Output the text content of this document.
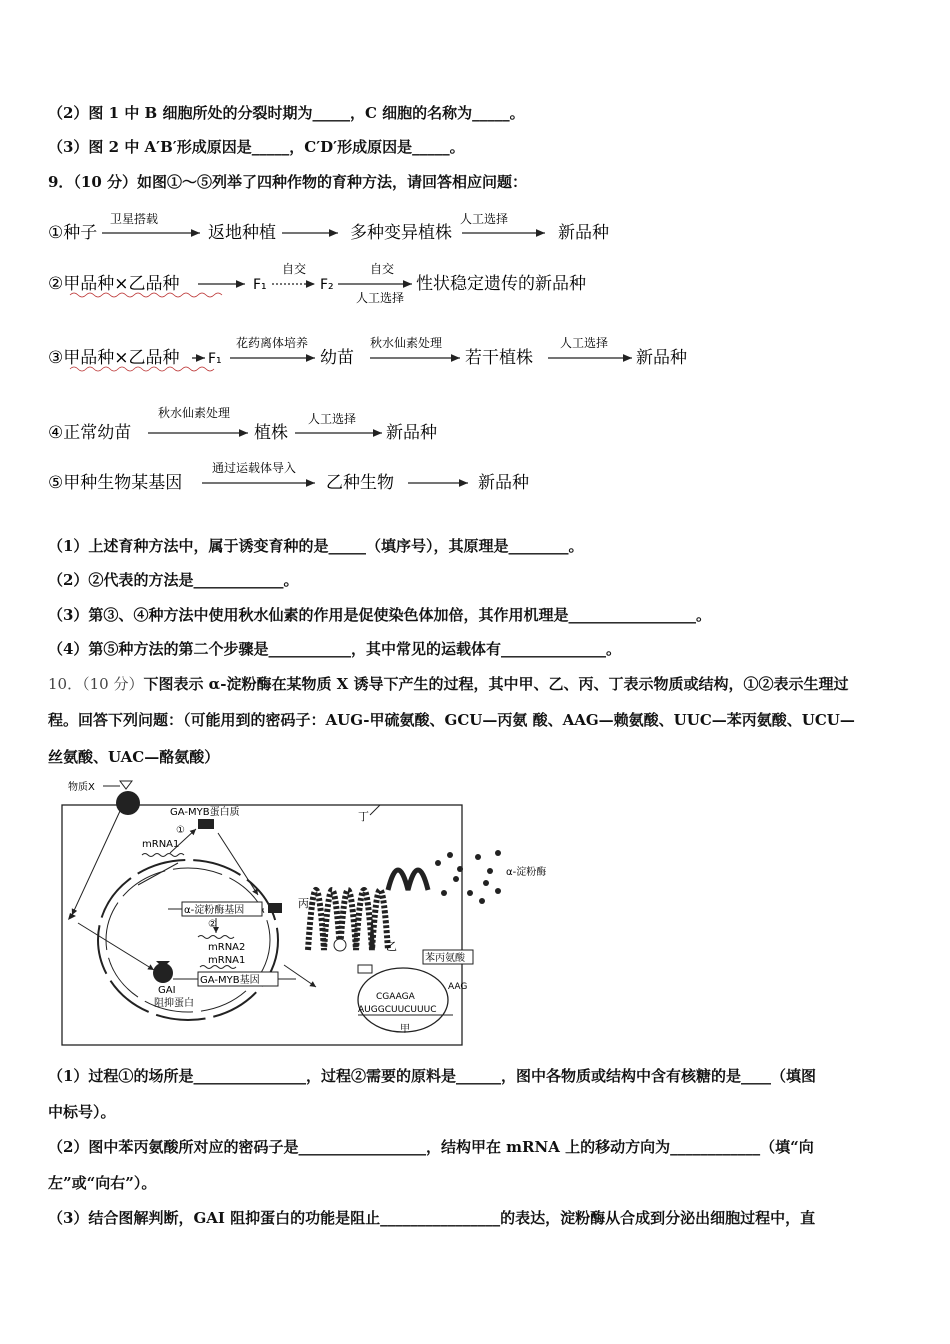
（2）图 1 中 B 细胞所处的分裂时期为_____，C 细胞的名称为_____。
（3）图 2 中 A′B′形成原因是_____，C′D′形成原因是_____。
9．（10 分）如图①～⑤列举了四种作物的育种方法，请回答相应问题：
①种子
卫星搭载
返地种植	多种变异植株
人工选择
新品种
②甲品种×乙品种	F₁
自交
F₂
自交
人工选择
性状稳定遗传的新品种
③甲品种×乙品种 F₁
花药离体培养
幼苗
秋水仙素处理
若干植株
人工选择
新品种
④正常幼苗
秋水仙素处理
植株
人工选择
新品种
⑤甲种生物某基因
通过运载体导入
乙种生物	新品种
（1）上述育种方法中，属于诱变育种的是_____（填序号），其原理是________。
（2）②代表的方法是____________。
（3）第③、④种方法中使用秋水仙素的作用是促使染色体加倍，其作用机理是_________________。
（4）第⑤种方法的第二个步骤是___________，其中常见的运载体有______________。
10．（10 分）下图表示 α-淀粉酶在某物质 X 诱导下产生的过程，其中甲、乙、丙、丁表示物质或结构，①②表示生理过
程。回答下列问题：（可能用到的密码子：AUG-甲硫氨酸、GCU—丙氨 酸、AAG—赖氨酸、UUC—苯丙氨酸、UCU—
丝氨酸、UAC—酪氨酸）
物质X
GA-MYB蛋白质
①
mRNA1
丁
α-淀粉酶基因
②
mRNA2
mRNA1
GA-MYB基因
GAI
阻抑蛋白
丙
乙
α-淀粉酶
苯丙氨酸
AAG
CGAAGA
AUGGCUUCUUUC
甲
（1）过程①的场所是_______________，过程②需要的原料是______，图中各物质或结构中含有核糖的是____（填图
中标号）。
（2）图中苯丙氨酸所对应的密码子是_________________，结构甲在 mRNA 上的移动方向为____________（填“向
左”或“向右”）。
（3）结合图解判断，GAI 阻抑蛋白的功能是阻止________________的表达，淀粉酶从合成到分泌出细胞过程中，直
